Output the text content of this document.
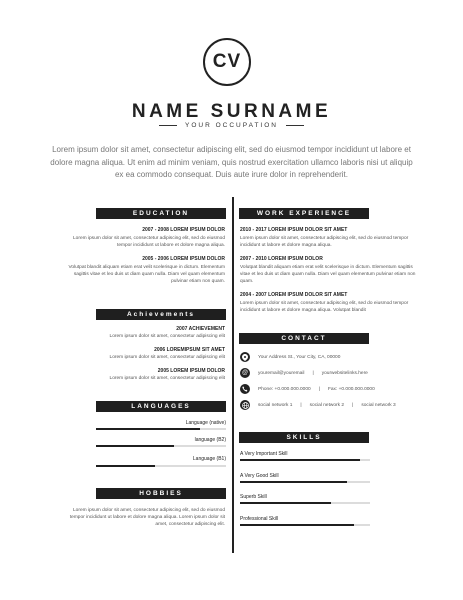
CV
NAME SURNAME
YOUR OCCUPATION
Lorem ipsum dolor sit amet, consectetur adipiscing elit, sed do eiusmod tempor incididunt ut labore et dolore magna aliqua. Ut enim ad minim veniam, quis nostrud exercitation ullamco laboris nisi ut aliquip ex ea commodo consequat. Duis aute irure dolor in reprehenderit.
EDUCATION
2007 - 2008 LOREM IPSUM DOLOR
Lorem ipsum dolor sit amet, consectetur adipiscing elit, sed do eiusmod tempor incididunt ut labore et dolore magna aliqua.
2005 - 2006 LOREM IPSUM DOLOR
Volutpat blandit aliquam etiam erat velit scelerisque in dictum. Elementum sagittis vitae et leo duis ut diam quam nulla. Diam vel quam elementum pulvinar etiam non quam.
Achievements
2007 ACHIEVEMENT
Lorem ipsum dolor sit amet, consectetur adipiscing elit
2006 LOREMIPSUM SIT AMET
Lorem ipsum dolor sit amet, consectetur adipiscing elit
2005 LOREM IPSUM DOLOR
Lorem ipsum dolor sit amet, consectetur adipiscing elit
LANGUAGES
Language (native)
language (B2)
Language (B1)
HOBBIES
Lorem ipsum dolor sit amet, consectetur adipiscing elit, sed do eiusmod tempor incididunt ut labore et dolore magna aliqua. Lorem ipsum dolor sit amet, consectetur adipiscing elit.
WORK EXPERIENCE
2010 - 2017 LOREM IPSUM DOLOR SIT AMET
Lorem ipsum dolor sit amet, consectetur adipiscing elit, sed do eiusmod tempor incididunt ut labore et dolore magna aliqua.
2007 - 2010 LOREM IPSUM DOLOR
Volutpat blandit aliquam etiam erat velit scelerisque in dictum. Elementum sagittis vitae et leo duis ut diam quam nulla. Diam vel quam elementum pulvinar etiam non quam.
2004 - 2007 LOREM IPSUM DOLOR SIT AMET
Lorem ipsum dolor sit amet, consectetur adipiscing elit, sed do eiusmod tempor incididunt ut labore et dolore magna aliqua. Volutpat blandit
CONTACT
Your Address St., Your City, CA, 00000
@	youremail@youremail | yourwebsitelinks.here
Phone: +0.000.000.0000 | Fax: +0.000.000.0000
social network 1 | social network 2 | social network 3
SKILLS
A Very Important Skill
A Very Good Skill
Superb Skill
Professional Skill
